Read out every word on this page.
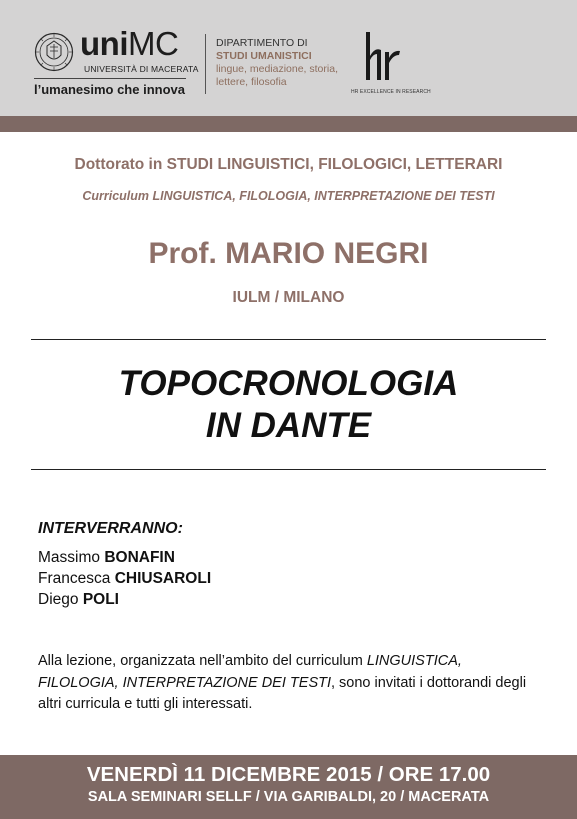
uniMC
UNIVERSITÀ DI MACERATA
l’umanesimo che innova
DIPARTIMENTO DI
STUDI UMANISTICI
lingue, mediazione, storia, lettere, filosofia
HR EXCELLENCE IN RESEARCH
Dottorato in STUDI LINGUISTICI, FILOLOGICI, LETTERARI
Curriculum LINGUISTICA, FILOLOGIA, INTERPRETAZIONE DEI TESTI
Prof. MARIO NEGRI
IULM / MILANO
TOPOCRONOLOGIA
IN DANTE
INTERVERRANNO:
Massimo BONAFIN
Francesca CHIUSAROLI
Diego POLI
Alla lezione, organizzata nell’ambito del curriculum LINGUISTICA, FILOLOGIA, INTERPRETAZIONE DEI TESTI, sono invitati i dottorandi degli altri curricula e tutti gli interessati.
VENERDÌ 11 DICEMBRE 2015 / ORE 17.00
SALA SEMINARI SELLF / VIA GARIBALDI, 20 / MACERATA
